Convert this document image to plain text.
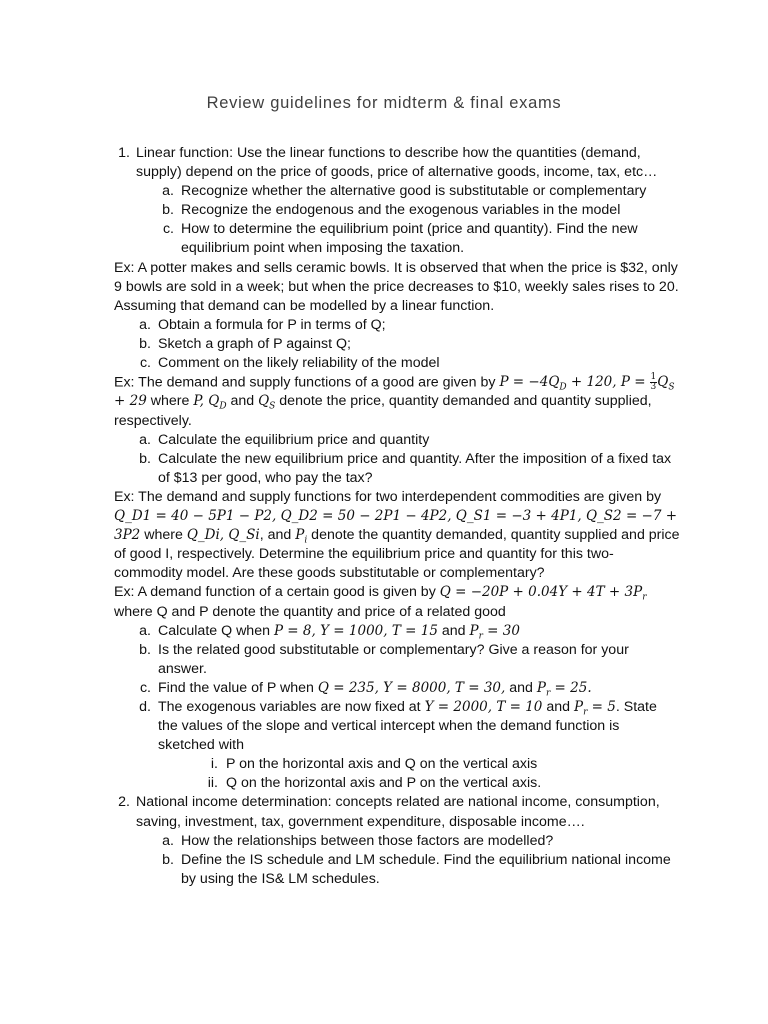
Review guidelines for midterm & final exams
1. Linear function: Use the linear functions to describe how the quantities (demand, supply) depend on the price of goods, price of alternative goods, income, tax, etc…
a. Recognize whether the alternative good is substitutable or complementary
b. Recognize the endogenous and the exogenous variables in the model
c. How to determine the equilibrium point (price and quantity). Find the new equilibrium point when imposing the taxation.
Ex: A potter makes and sells ceramic bowls. It is observed that when the price is $32, only 9 bowls are sold in a week; but when the price decreases to $10, weekly sales rises to 20. Assuming that demand can be modelled by a linear function.
a. Obtain a formula for P in terms of Q;
b. Sketch a graph of P against Q;
c. Comment on the likely reliability of the model
Ex: The demand and supply functions of a good are given by $P = -4Q_D + 120$, $P = \frac{1}{3} Q_S + 29$ where P, $Q_D$ and $Q_S$ denote the price, quantity demanded and quantity supplied, respectively.
a. Calculate the equilibrium price and quantity
b. Calculate the new equilibrium price and quantity. After the imposition of a fixed tax of $13 per good, who pay the tax?
Ex: The demand and supply functions for two interdependent commodities are given by Q_D1 = 40 − 5P1 − P2, Q_D2 = 50 − 2P1 − 4P2, Q_S1 = −3 + 4P1, Q_S2 = −7 + 3P2 where Q_Di, Q_Si, and $P_i$ denote the quantity demanded, quantity supplied and price of good I, respectively. Determine the equilibrium price and quantity for this two-commodity model. Are these goods substitutable or complementary?
Ex: A demand function of a certain good is given by $Q = -20P + 0.04Y + 4T + 3P_r$ where Q and P denote the quantity and price of a related good
a. Calculate Q when P = 8, Y = 1000, T = 15 and $P_r = 30$
b. Is the related good substitutable or complementary? Give a reason for your answer.
c. Find the value of P when Q = 235, Y = 8000, T = 30, and $P_r = 25$.
d. The exogenous variables are now fixed at Y = 2000, T = 10 and $P_r = 5$. State the values of the slope and vertical intercept when the demand function is sketched with
i. P on the horizontal axis and Q on the vertical axis
ii. Q on the horizontal axis and P on the vertical axis.
2. National income determination: concepts related are national income, consumption, saving, investment, tax, government expenditure, disposable income….
a. How the relationships between those factors are modelled?
b. Define the IS schedule and LM schedule. Find the equilibrium national income by using the IS& LM schedules.
